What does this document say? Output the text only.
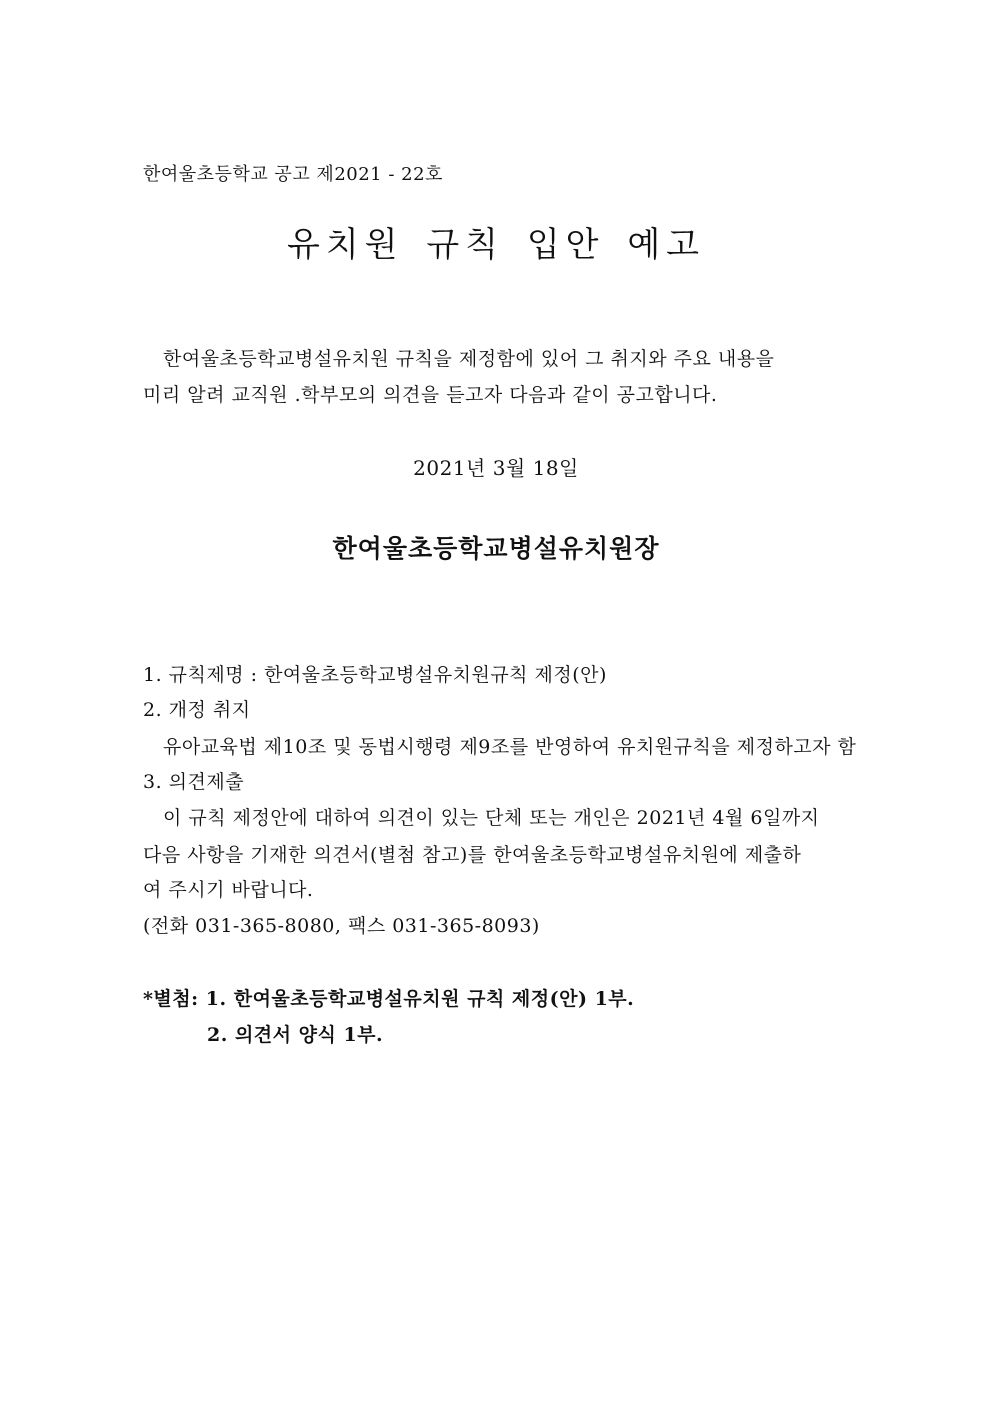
한여울초등학교 공고 제2021 - 22호
유치원 규칙 입안 예고
한여울초등학교병설유치원 규칙을 제정함에 있어 그 취지와 주요 내용을
미리 알려 교직원 .학부모의 의견을 듣고자 다음과 같이 공고합니다.
2021년 3월 18일
한여울초등학교병설유치원장
1. 규칙제명 : 한여울초등학교병설유치원규칙 제정(안)
2. 개정 취지
유아교육법 제10조 및 동법시행령 제9조를 반영하여 유치원규칙을 제정하고자 함
3. 의견제출
이 규칙 제정안에 대하여 의견이 있는 단체 또는 개인은 2021년 4월 6일까지
다음 사항을 기재한 의견서(별첨 참고)를 한여울초등학교병설유치원에 제출하
여 주시기 바랍니다.
(전화 031-365-8080, 팩스 031-365-8093)
*별첨: 1. 한여울초등학교병설유치원 규칙 제정(안) 1부.
2. 의견서 양식 1부.
